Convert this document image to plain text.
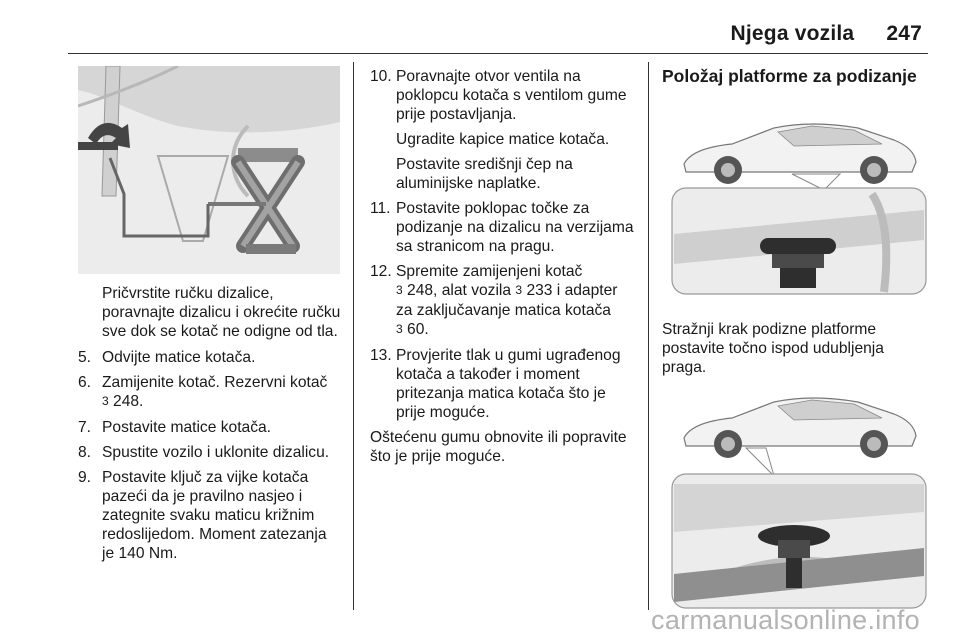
Njega vozila 247

Pričvrstite ručku dizalice, poravnajte dizalicu i okrećite ručku sve dok se kotač ne odigne od tla.

5. Odvijte matice kotača.
6. Zamijenite kotač. Rezervni kotač
3 248.
7. Postavite matice kotača.
8. Spustite vozilo i uklonite dizalicu.
9. Postavite ključ za vijke kotača pazeći da je pravilno nasjeo i zategnite svaku maticu križnim redoslijedom. Moment zatezanja je 140 Nm.
10. Poravnajte otvor ventila na poklopcu kotača s ventilom gume prije postavljanja.

Ugradite kapice matice kotača.

Postavite središnji čep na aluminijske naplatke.

11. Postavite poklopac točke za podizanje na dizalicu na verzijama sa stranicom na pragu.
12. Spremite zamijenjeni kotač
3 248, alat vozila 3 233 i adapter za zaključavanje matica kotača
3 60.
13. Provjerite tlak u gumi ugrađenog kotača a također i moment pritezanja matica kotača što je prije moguće.

Oštećenu gumu obnovite ili popravite što je prije moguće.

Položaj platforme za podizanje

Stražnji krak podizne platforme postavite točno ispod udubljenja praga.

carmanualsonline.info
